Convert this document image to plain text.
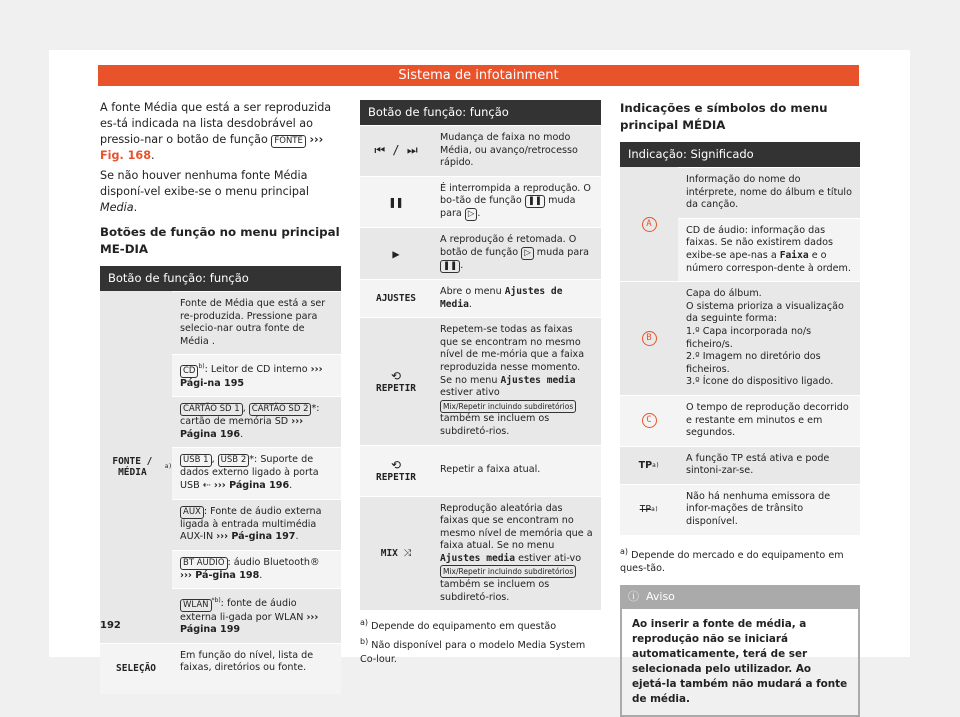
Sistema de infotainment

A fonte Média que está a ser reproduzida es-tá indicada na lista desdobrável ao pressio-nar o botão de função FONTE ››› Fig. 168.

Se não houver nenhuma fonte Média disponí-vel exibe-se o menu principal Media.

Botões de função no menu principal ME-DIA

Botão de função: função
FONTE / MÉDIA	a)
Fonte de Média que está a ser re-produzida. Pressione para selecio-nar outra fonte de Média .
CD $^{b)}$: Leitor de CD interno ››› Pági-na 195
CARTÃO SD 1 , CARTÃO SD 2 *: cartão de memória SD ››› Página 196.
USB 1 , USB 2 *: Suporte de dados externo ligado à porta USB ⇠ ››› Página 196.
AUX : Fonte de áudio externa ligada à entrada multimédia AUX-IN ››› Pá-gina 197.
BT AUDIO : áudio Bluetooth® ››› Pá-gina 198.
WLAN $^{*b)}$: fonte de áudio externa li-gada por WLAN ››› Página 199
SELEÇÃO
Em função do nível, lista de faixas, diretórios ou fonte.
Botão de função: função
⏮ / ⏭
Mudança de faixa no modo Média, ou avanço/retrocesso rápido.
❚❚
É interrompida a reprodução. O bo-tão de função ❚❚ muda para ▷ .
▶
A reprodução é retomada. O botão de função ▷ muda para ❚❚ .
AJUSTES
Abre o menu Ajustes de Media.
⟲
REPETIR
Repetem-se todas as faixas que se encontram no mesmo nível de me-mória que a faixa reproduzida nesse momento. Se no menu Ajustes media estiver ativo Mix/Repetir incluindo subdiretórios também se incluem os subdiretó-rios.
⟲
REPETIR
Repetir a faixa atual.
MIX
⤨
Reprodução aleatória das faixas que se encontram no mesmo nível de memória que a faixa atual. Se no menu Ajustes media estiver ati-vo Mix/Repetir incluindo subdiretórios também se incluem os subdiretó-rios.

$^{a)}$ Depende do equipamento em questão

$^{b)}$ Não disponível para o modelo Media System Co-lour.

Indicações e símbolos do menu principal MÉDIA

Indicação: Significado
A
Informação do nome do intérprete, nome do álbum e título da canção.
CD de áudio: informação das faixas. Se não existirem dados exibe-se ape-nas a Faixa e o número correspon-dente à ordem.
B
Capa do álbum.
O sistema prioriza a visualização da seguinte forma:
1.º Capa incorporada no/s ficheiro/s.
2.º Imagem no diretório dos ficheiros.
3.º Ícone do dispositivo ligado.
C
O tempo de reprodução decorrido e restante em minutos e em segundos.
TP a)
A função TP está ativa e pode sintoni-zar-se.
TP a)
Não há nenhuma emissora de infor-mações de trânsito disponível.

$^{a)}$ Depende do mercado e do equipamento em ques-tão.

ⓘ Aviso
Ao inserir a fonte de média, a reprodução não se iniciará automaticamente, terá de ser selecionada pelo utilizador. Ao ejetá-la também não mudará a fonte de média.
192
